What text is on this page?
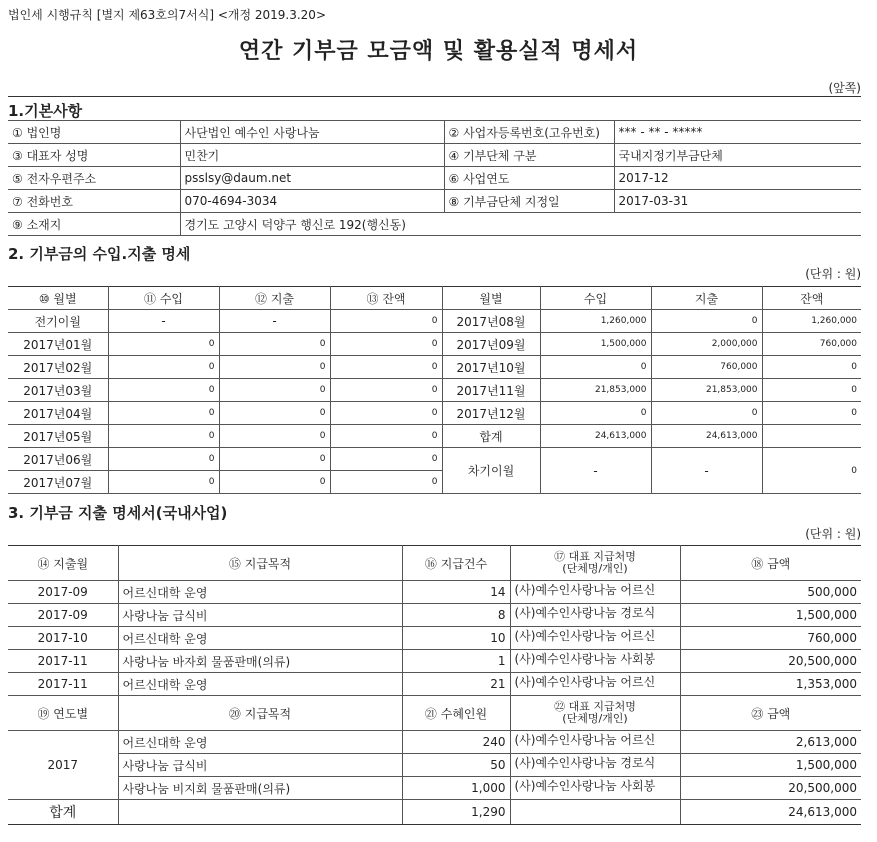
법인세 시행규칙 [별지 제63호의7서식] <개정 2019.3.20>
연간 기부금 모금액 및 활용실적 명세서
(앞쪽)
1.기본사항
① 법인명	사단법인 예수인 사랑나눔	② 사업자등록번호(고유번호)	*** - ** - *****
③ 대표자 성명	민찬기	④ 기부단체 구분	국내지정기부금단체
⑤ 전자우편주소	psslsy@daum.net	⑥ 사업연도	2017-12
⑦ 전화번호	070-4694-3034	⑧ 기부금단체 지정일	2017-03-31
⑨ 소재지	경기도 고양시 덕양구 행신로 192(행신동)		
2. 기부금의 수입.지출 명세
(단위 : 원)
⑩ 월별	⑪ 수입	⑫ 지출	⑬ 잔액	월별	수입	지출	잔액
전기이월	-	-	0	2017년08월	1,260,000	0	1,260,000
2017년01월	0	0	0	2017년09월	1,500,000	2,000,000	760,000
2017년02월	0	0	0	2017년10월	0	760,000	0
2017년03월	0	0	0	2017년11월	21,853,000	21,853,000	0
2017년04월	0	0	0	2017년12월	0	0	0
2017년05월	0	0	0	합계	24,613,000	24,613,000	
2017년06월	0	0	0	차기이월	-	-	0
2017년07월	0	0	0				
3. 기부금 지출 명세서(국내사업)
(단위 : 원)
⑭ 지출월	⑮ 지급목적	⑯ 지급건수	⑰ 대표 지급처명
(단체명/개인)	⑱ 금액
2017-09	어르신대학 운영	14	(사)예수인사랑나눔 어르신	500,000
2017-09	사랑나눔 급식비	8	(사)예수인사랑나눔 경로식	1,500,000
2017-10	어르신대학 운영	10	(사)예수인사랑나눔 어르신	760,000
2017-11	사랑나눔 바자회 물품판매(의류)	1	(사)예수인사랑나눔 사회봉	20,500,000
2017-11	어르신대학 운영	21	(사)예수인사랑나눔 어르신	1,353,000
⑲ 연도별	⑳ 지급목적	㉑ 수혜인원	㉒ 대표 지급처명
(단체명/개인)	㉓ 금액
2017	어르신대학 운영	240	(사)예수인사랑나눔 어르신	2,613,000
	사랑나눔 급식비	50	(사)예수인사랑나눔 경로식	1,500,000
	사랑나눔 비지회 물품판매(의류)	1,000	(사)예수인사랑나눔 사회봉	20,500,000
합계		1,290		24,613,000
